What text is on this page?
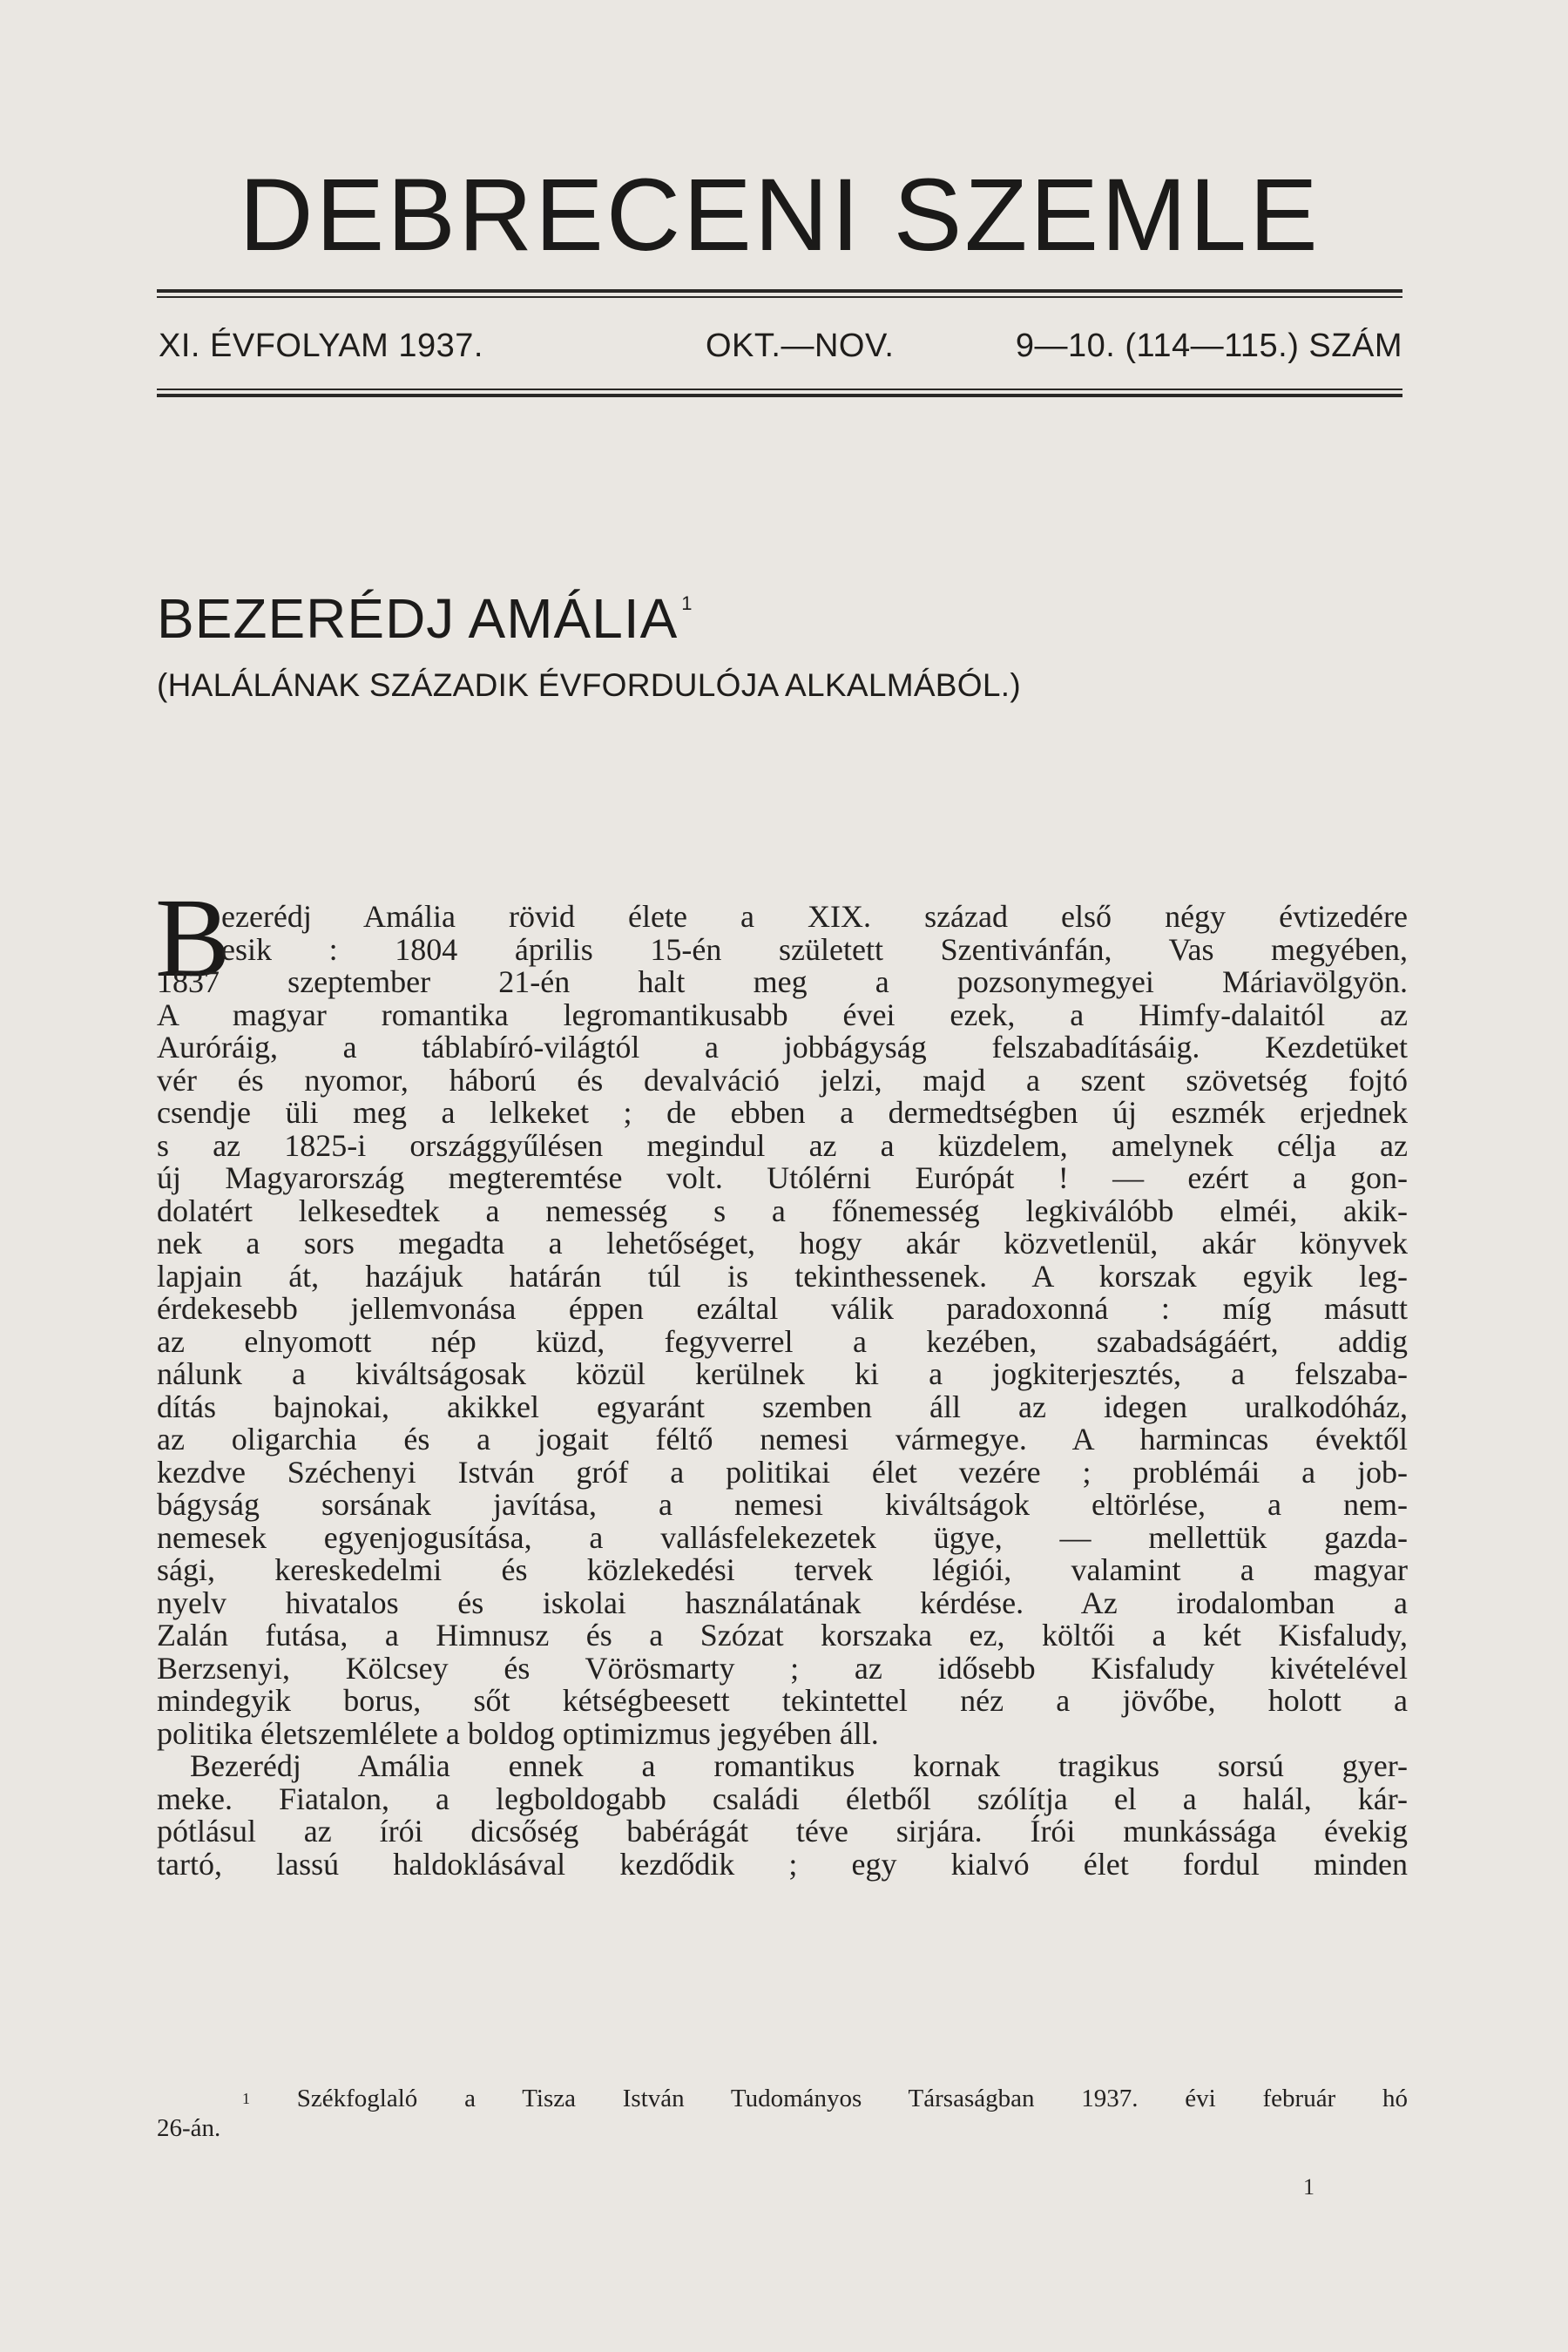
DEBRECENI SZEMLE
XI. ÉVFOLYAM 1937.	OKT.—NOV.	9—10. (114—115.) SZÁM
BEZERÉDJ AMÁLIA $^1$
(HALÁLÁNAK SZÁZADIK ÉVFORDULÓJA ALKALMÁBÓL.)
B
ezerédj Amália rövid élete a XIX. század első négy évtizedére
esik : 1804 április 15-én született Szentivánfán, Vas megyében,
1837 szeptember 21-én halt meg a pozsonymegyei Máriavölgyön.
A magyar romantika legromantikusabb évei ezek, a Himfy-dalaitól az
Auróráig, a táblabíró-világtól a jobbágyság felszabadításáig. Kezdetüket
vér és nyomor, háború és devalváció jelzi, majd a szent szövetség fojtó
csendje üli meg a lelkeket ; de ebben a dermedtségben új eszmék erjednek
s az 1825-i országgyűlésen megindul az a küzdelem, amelynek célja az
új Magyarország megteremtése volt. Utólérni Európát ! — ezért a gon-
dolatért lelkesedtek a nemesség s a főnemesség legkiválóbb elméi, akik-
nek a sors megadta a lehetőséget, hogy akár közvetlenül, akár könyvek
lapjain át, hazájuk határán túl is tekinthessenek. A korszak egyik leg-
érdekesebb jellemvonása éppen ezáltal válik paradoxonná : míg másutt
az elnyomott nép küzd, fegyverrel a kezében, szabadságáért, addig
nálunk a kiváltságosak közül kerülnek ki a jogkiterjesztés, a felszaba-
dítás bajnokai, akikkel egyaránt szemben áll az idegen uralkodóház,
az oligarchia és a jogait féltő nemesi vármegye. A harmincas évektől
kezdve Széchenyi István gróf a politikai élet vezére ; problémái a job-
bágyság sorsának javítása, a nemesi kiváltságok eltörlése, a nem-
nemesek egyenjogusítása, a vallásfelekezetek ügye, — mellettük gazda-
sági, kereskedelmi és közlekedési tervek légiói, valamint a magyar
nyelv hivatalos és iskolai használatának kérdése. Az irodalomban a
Zalán futása, a Himnusz és a Szózat korszaka ez, költői a két Kisfaludy,
Berzsenyi, Kölcsey és Vörösmarty ; az idősebb Kisfaludy kivételével
mindegyik borus, sőt kétségbeesett tekintettel néz a jövőbe, holott a
politika életszemlélete a boldog optimizmus jegyében áll.
Bezerédj Amália ennek a romantikus kornak tragikus sorsú gyer-
meke. Fiatalon, a legboldogabb családi életből szólítja el a halál, kár-
pótlásul az írói dicsőség babérágát téve sirjára. Írói munkássága évekig
tartó, lassú haldoklásával kezdődik ; egy kialvó élet fordul minden
$^1$ Székfoglaló a Tisza István Tudományos Társaságban 1937. évi február hó
26-án.
1
